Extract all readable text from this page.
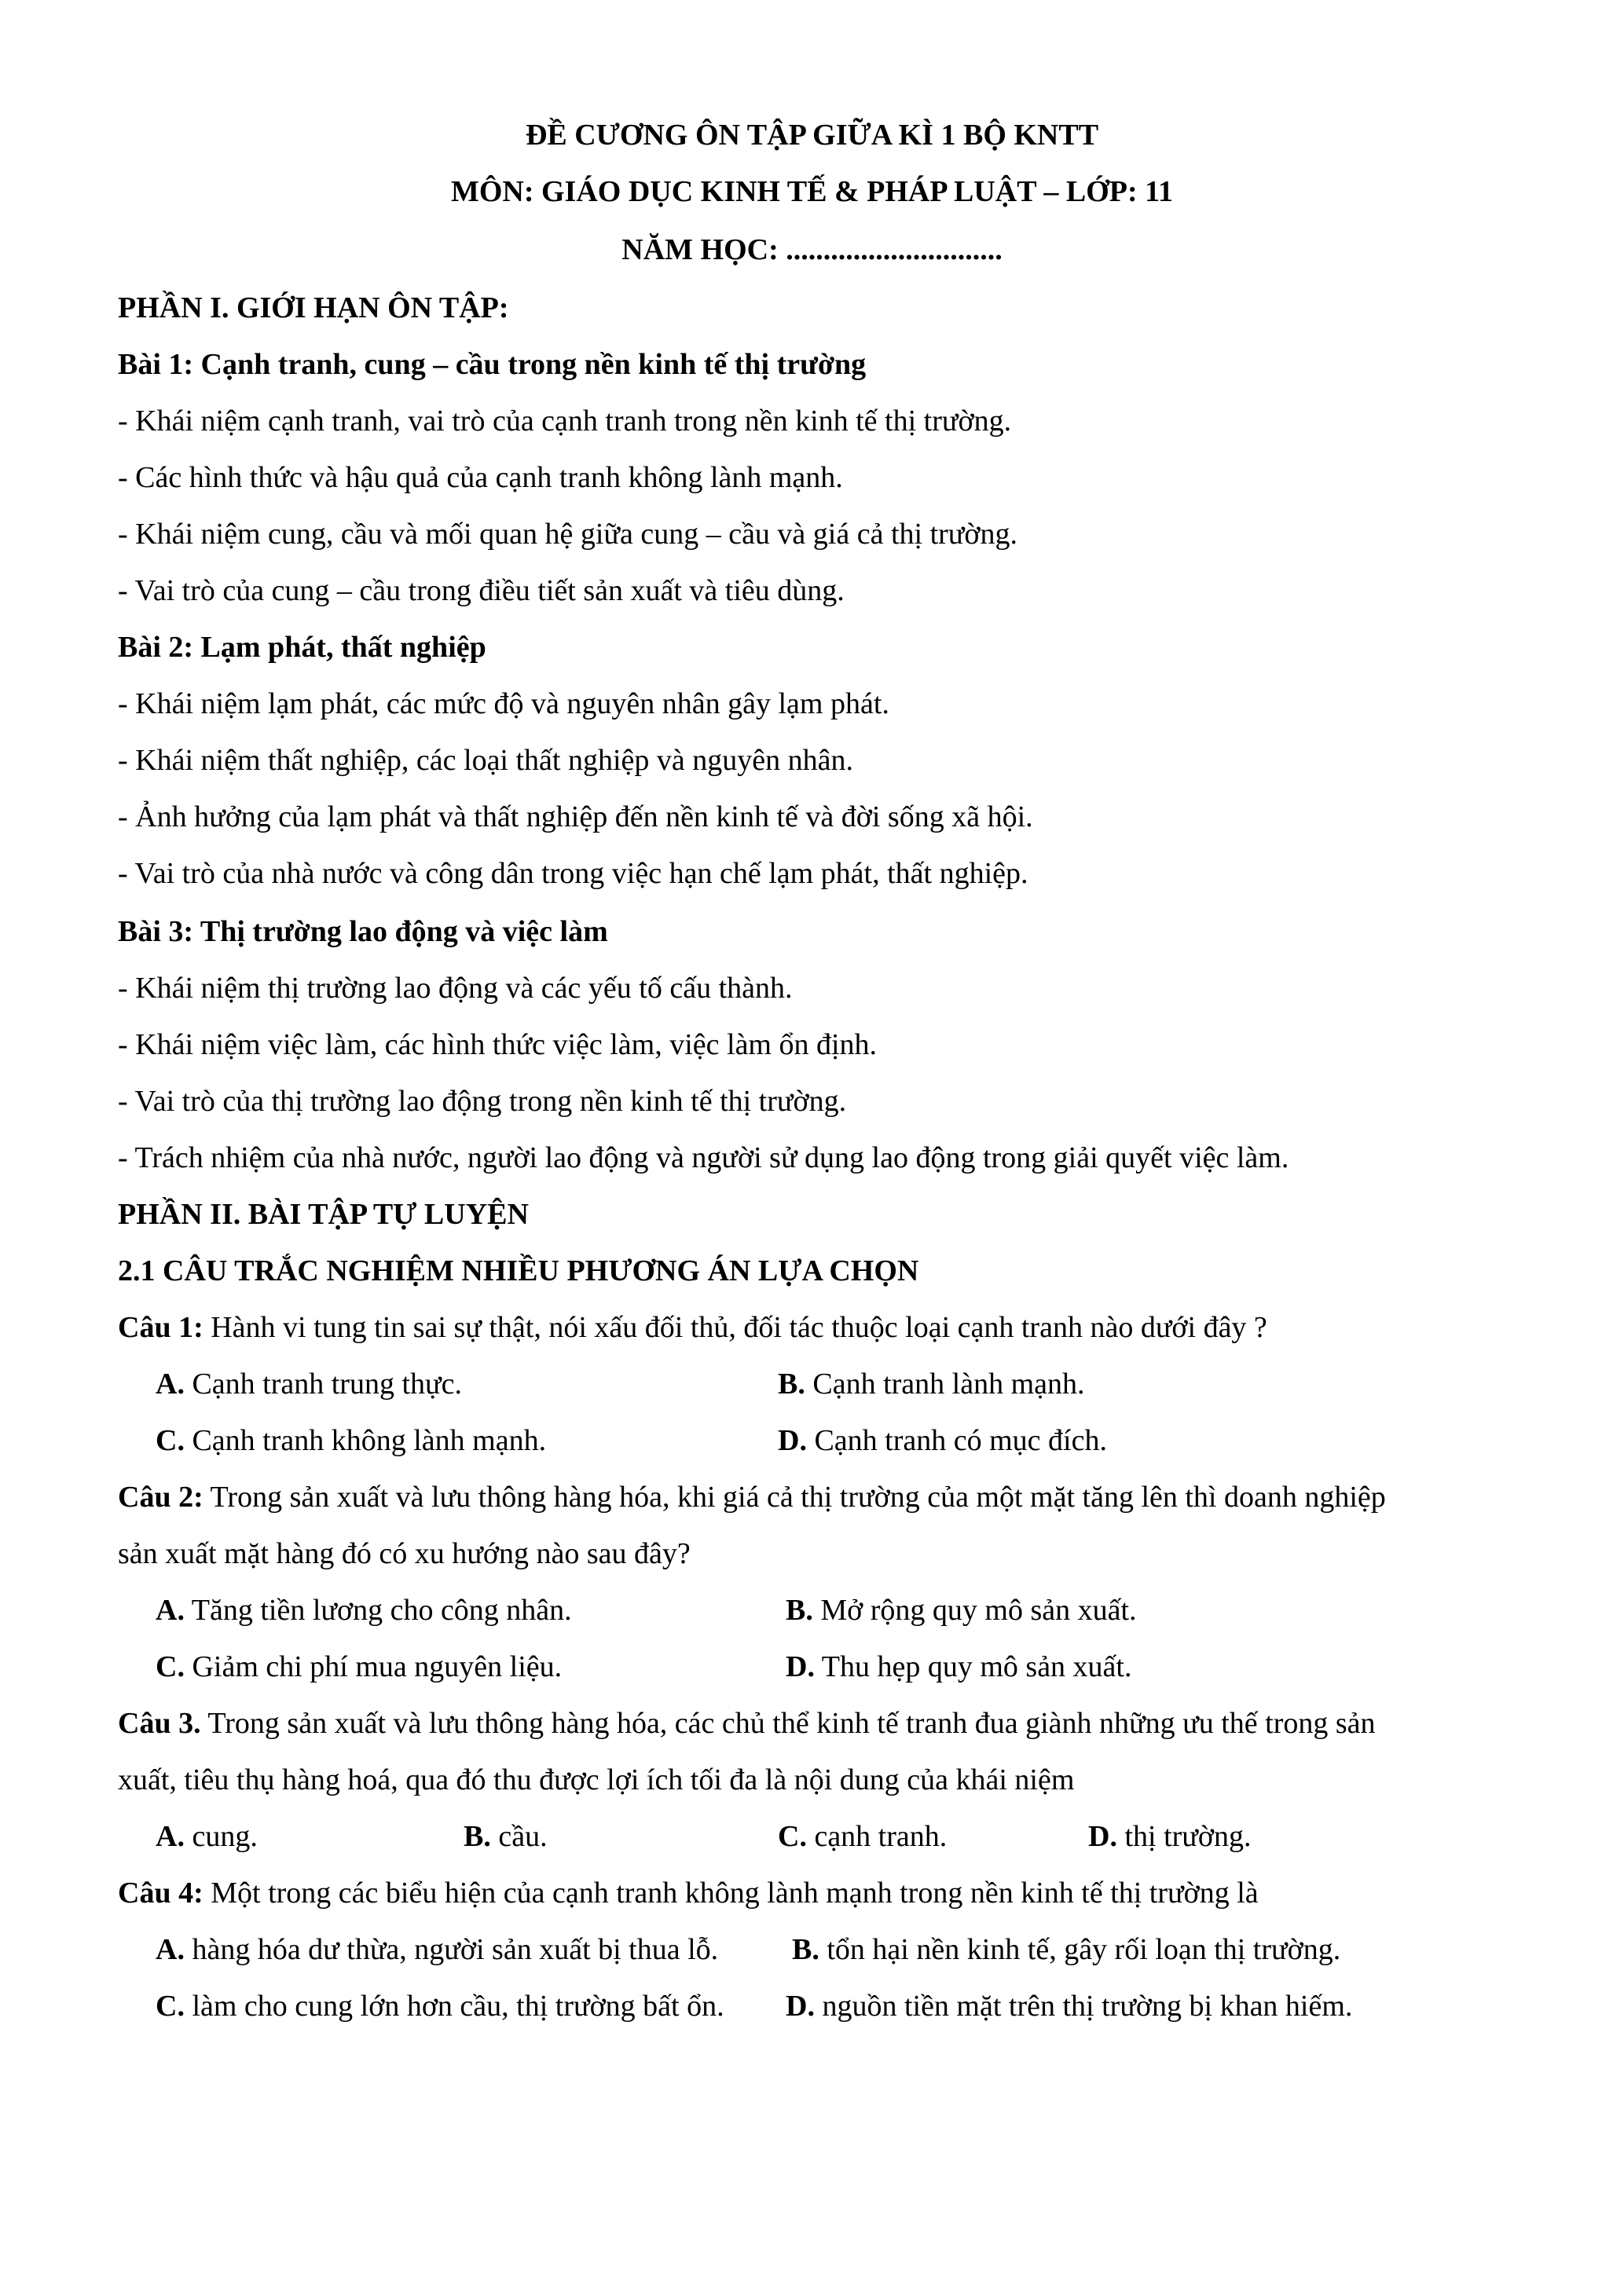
ĐỀ CƯƠNG ÔN TẬP GIỮA KÌ 1 BỘ KNTT
MÔN: GIÁO DỤC KINH TẾ & PHÁP LUẬT – LỚP: 11
NĂM HỌC: .............................
PHẦN I. GIỚI HẠN ÔN TẬP:
Bài 1: Cạnh tranh, cung – cầu trong nền kinh tế thị trường
- Khái niệm cạnh tranh, vai trò của cạnh tranh trong nền kinh tế thị trường.
- Các hình thức và hậu quả của cạnh tranh không lành mạnh.
- Khái niệm cung, cầu và mối quan hệ giữa cung – cầu và giá cả thị trường.
- Vai trò của cung – cầu trong điều tiết sản xuất và tiêu dùng.
Bài 2: Lạm phát, thất nghiệp
- Khái niệm lạm phát, các mức độ và nguyên nhân gây lạm phát.
- Khái niệm thất nghiệp, các loại thất nghiệp và nguyên nhân.
- Ảnh hưởng của lạm phát và thất nghiệp đến nền kinh tế và đời sống xã hội.
- Vai trò của nhà nước và công dân trong việc hạn chế lạm phát, thất nghiệp.
Bài 3: Thị trường lao động và việc làm
- Khái niệm thị trường lao động và các yếu tố cấu thành.
- Khái niệm việc làm, các hình thức việc làm, việc làm ổn định.
- Vai trò của thị trường lao động trong nền kinh tế thị trường.
- Trách nhiệm của nhà nước, người lao động và người sử dụng lao động trong giải quyết việc làm.
PHẦN II. BÀI TẬP TỰ LUYỆN
2.1 CÂU TRẮC NGHIỆM NHIỀU PHƯƠNG ÁN LỰA CHỌN
Câu 1: Hành vi tung tin sai sự thật, nói xấu đối thủ, đối tác thuộc loại cạnh tranh nào dưới đây ?
A. Cạnh tranh trung thực.	B. Cạnh tranh lành mạnh.
C. Cạnh tranh không lành mạnh.	D. Cạnh tranh có mục đích.
Câu 2: Trong sản xuất và lưu thông hàng hóa, khi giá cả thị trường của một mặt tăng lên thì doanh nghiệp
sản xuất mặt hàng đó có xu hướng nào sau đây?
A. Tăng tiền lương cho công nhân.	B. Mở rộng quy mô sản xuất.
C. Giảm chi phí mua nguyên liệu.	D. Thu hẹp quy mô sản xuất.
Câu 3. Trong sản xuất và lưu thông hàng hóa, các chủ thể kinh tế tranh đua giành những ưu thế trong sản
xuất, tiêu thụ hàng hoá, qua đó thu được lợi ích tối đa là nội dung của khái niệm
A. cung.	B. cầu.	C. cạnh tranh.	D. thị trường.
Câu 4: Một trong các biểu hiện của cạnh tranh không lành mạnh trong nền kinh tế thị trường là
A. hàng hóa dư thừa, người sản xuất bị thua lỗ. B. tổn hại nền kinh tế, gây rối loạn thị trường.
C. làm cho cung lớn hơn cầu, thị trường bất ổn. D. nguồn tiền mặt trên thị trường bị khan hiếm.
